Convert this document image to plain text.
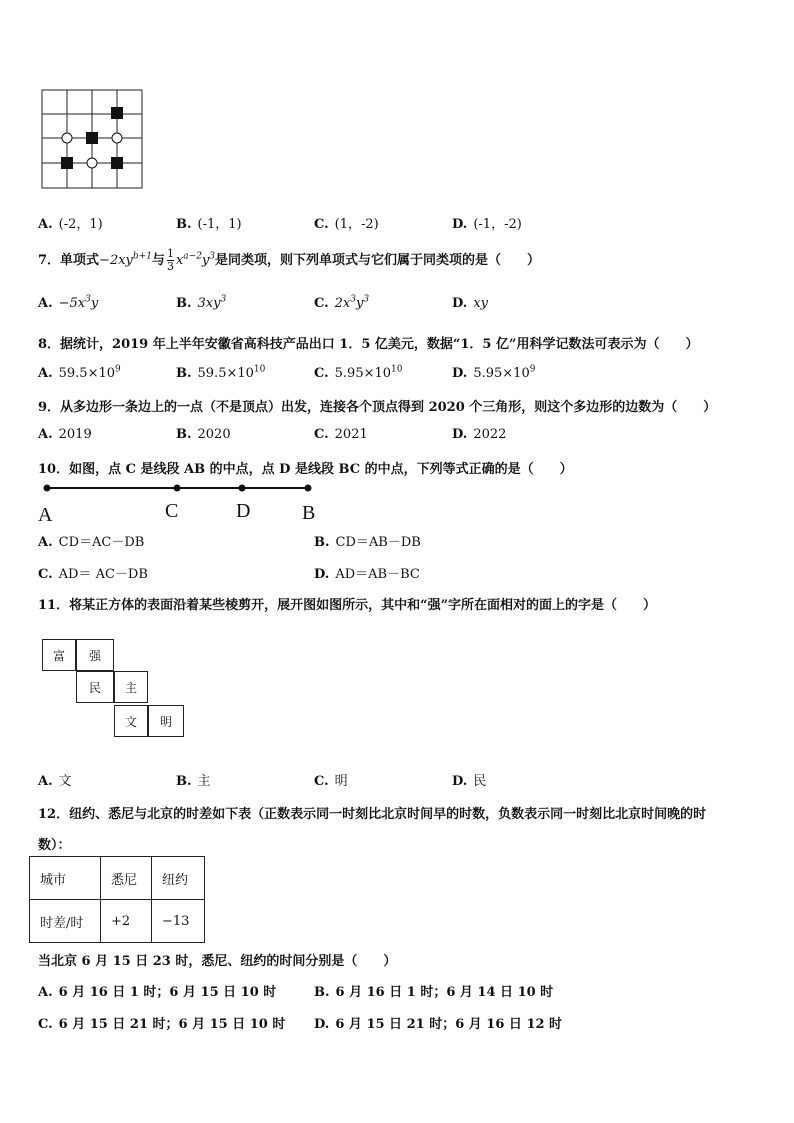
A. (-2，1)	B. (-1，1)	C. (1，-2)	D. (-1，-2)
7．单项式$-2xy^{b+1}$与 $\frac{1}{3} x^{a-2}y^3$是同类项，则下列单项式与它们属于同类项的是（　　）
A. $-5x^3y$	B. $3xy^3$	C. $2x^3y^3$	D. xy
8．据统计，2019 年上半年安徽省高科技产品出口 1．5 亿美元，数据“1．5 亿”用科学记数法可表示为（　　）
A. $59.5\times 10^9$	B. $59.5\times 10^{10}$	C. $5.95\times 10^{10}$	D. $5.95\times 10^9$
9．从多边形一条边上的一点（不是顶点）出发，连接各个顶点得到 2020 个三角形，则这个多边形的边数为（　　）
A. 2019	B. 2020	C. 2021	D. 2022
10．如图，点 C 是线段 AB 的中点，点 D 是线段 BC 的中点，下列等式正确的是（　　）
A	C	D	B
A. CD＝AC－DB	B. CD＝AB－DB
C. AD＝ AC－DB	D. AD＝AB－BC
11．将某正方体的表面沿着某些棱剪开，展开图如图所示，其中和“强”字所在面相对的面上的字是（　　）
富	强
民	主
文	明
A. 文	B. 主	C. 明	D. 民
12．纽约、悉尼与北京的时差如下表（正数表示同一时刻比北京时间早的时数，负数表示同一时刻比北京时间晚的时
数）：
城市	悉尼	纽约
时差/时	+2	−13
当北京 6 月 15 日 23 时，悉尼、纽约的时间分别是（　　）
A. 6 月 16 日 1 时；6 月 15 日 10 时	B. 6 月 16 日 1 时；6 月 14 日 10 时
C. 6 月 15 日 21 时；6 月 15 日 10 时 D. 6 月 15 日 21 时；6 月 16 日 12 时
